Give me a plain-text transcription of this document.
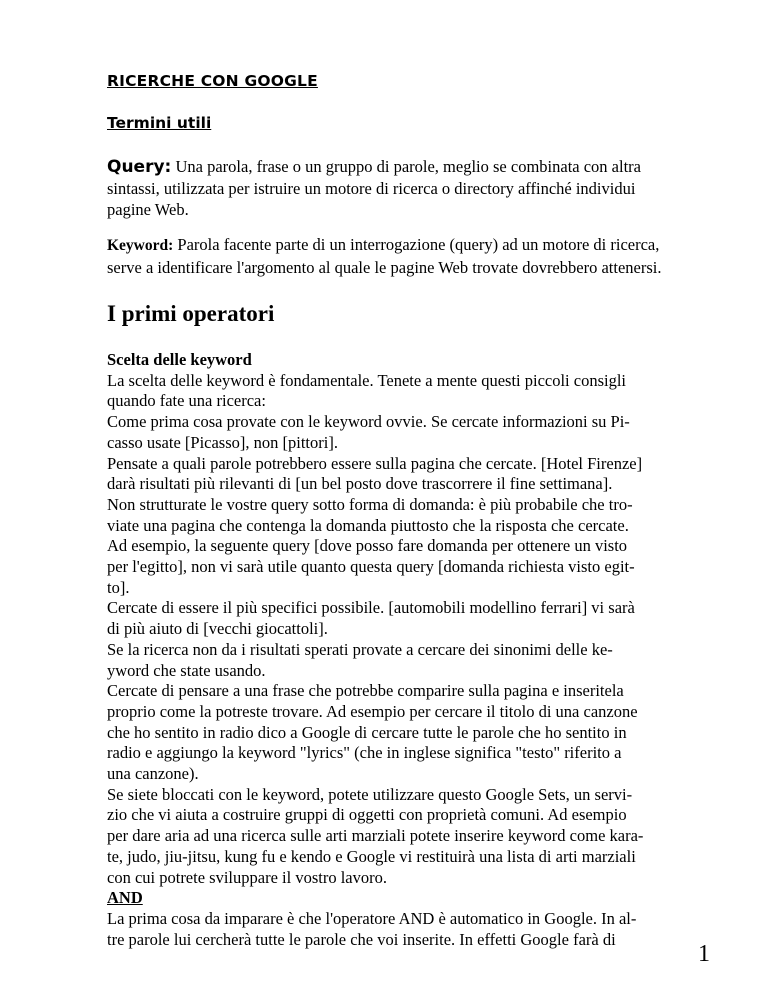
RICERCHE CON GOOGLE
Termini utili

Query: Una parola, frase o un gruppo di parole, meglio se combinata con altra sintassi, utilizzata per istruire un motore di ricerca o directory affinché individui pagine Web.

Keyword: Parola facente parte di un interrogazione (query) ad un motore di ricerca, serve a identificare l'argomento al quale le pagine Web trovate dovrebbero attenersi.

I primi operatori

Scelta delle keyword

La scelta delle keyword è fondamentale. Tenete a mente questi piccoli consigli

quando fate una ricerca:

Come prima cosa provate con le keyword ovvie. Se cercate informazioni su Pi-

casso usate [Picasso], non [pittori].

Pensate a quali parole potrebbero essere sulla pagina che cercate. [Hotel Firenze]

darà risultati più rilevanti di [un bel posto dove trascorrere il fine settimana].

Non strutturate le vostre query sotto forma di domanda: è più probabile che tro-

viate una pagina che contenga la domanda piuttosto che la risposta che cercate.

Ad esempio, la seguente query [dove posso fare domanda per ottenere un visto

per l'egitto], non vi sarà utile quanto questa query [domanda richiesta visto egit-

to].

Cercate di essere il più specifici possibile. [automobili modellino ferrari] vi sarà

di più aiuto di [vecchi giocattoli].

Se la ricerca non da i risultati sperati provate a cercare dei sinonimi delle ke-

yword che state usando.

Cercate di pensare a una frase che potrebbe comparire sulla pagina e inseritela

proprio come la potreste trovare. Ad esempio per cercare il titolo di una canzone

che ho sentito in radio dico a Google di cercare tutte le parole che ho sentito in

radio e aggiungo la keyword "lyrics" (che in inglese significa "testo" riferito a

una canzone).

Se siete bloccati con le keyword, potete utilizzare questo Google Sets, un servi-

zio che vi aiuta a costruire gruppi di oggetti con proprietà comuni. Ad esempio

per dare aria ad una ricerca sulle arti marziali potete inserire keyword come kara-

te, judo, jiu-jitsu, kung fu e kendo e Google vi restituirà una lista di arti marziali

con cui potrete sviluppare il vostro lavoro.

AND

La prima cosa da imparare è che l'operatore AND è automatico in Google. In al-

tre parole lui cercherà tutte le parole che voi inserite. In effetti Google farà di

1
